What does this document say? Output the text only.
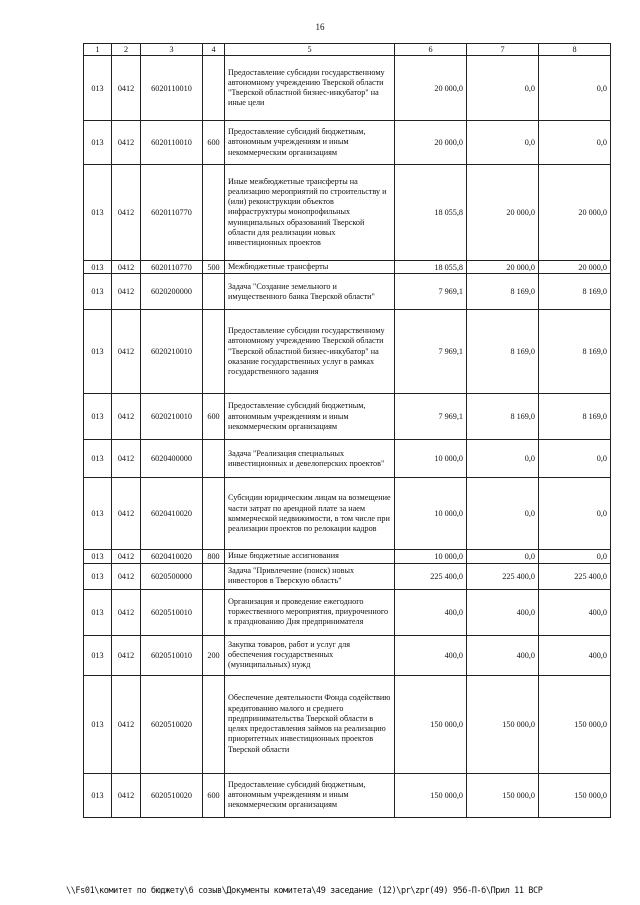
16
1	2	3	4	5	6	7	8
013	0412	6020110010		Предоставление субсидии государственному автономному учреждению Тверской области "Тверской областной бизнес-инкубатор" на иные цели	20 000,0	0,0	0,0
013	0412	6020110010	600	Предоставление субсидий бюджетным, автономным учреждениям и иным некоммерческим организациям	20 000,0	0,0	0,0
013	0412	6020110770		Иные межбюджетные трансферты на реализацию мероприятий по строительству и (или) реконструкции объектов инфраструктуры монопрофильных муниципальных образований Тверской области для реализации новых инвестиционных проектов	18 055,8	20 000,0	20 000,0
013	0412	6020110770	500	Межбюджетные трансферты	18 055,8	20 000,0	20 000,0
013	0412	6020200000		Задача "Создание земельного и имущественного банка Тверской области"	7 969,1	8 169,0	8 169,0
013	0412	6020210010		Предоставление субсидии государственному автономному учреждению Тверской области "Тверской областной бизнес-инкубатор" на оказание государственных услуг в рамках государственного задания	7 969,1	8 169,0	8 169,0
013	0412	6020210010	600	Предоставление субсидий бюджетным, автономным учреждениям и иным некоммерческим организациям	7 969,1	8 169,0	8 169,0
013	0412	6020400000		Задача "Реализация специальных инвестиционных и девелоперских проектов"	10 000,0	0,0	0,0
013	0412	6020410020		Субсидии юридическим лицам на возмещение части затрат по арендной плате за наем коммерческой недвижимости, в том числе при реализации проектов по релокации кадров	10 000,0	0,0	0,0
013	0412	6020410020	800	Иные бюджетные ассигнования	10 000,0	0,0	0,0
013	0412	6020500000		Задача "Привлечение (поиск) новых инвесторов в Тверскую область"	225 400,0	225 400,0	225 400,0
013	0412	6020510010		Организация и проведение ежегодного торжественного мероприятия, приуроченного к празднованию Дня предпринимателя	400,0	400,0	400,0
013	0412	6020510010	200	Закупка товаров, работ и услуг для обеспечения государственных (муниципальных) нужд	400,0	400,0	400,0
013	0412	6020510020		Обеспечение деятельности Фонда содействию кредитованию малого и среднего предпринимательства Тверской области в целях предоставления займов на реализацию приоритетных инвестиционных проектов Тверской области	150 000,0	150 000,0	150 000,0
013	0412	6020510020	600	Предоставление субсидий бюджетным, автономным учреждениям и иным некоммерческим организациям	150 000,0	150 000,0	150 000,0
\\Fs01\комитет по бюджету\6 созыв\Документы комитета\49 заседание (12)\pr\zpr(49) 956-П-б\Прил 11 ВСР
